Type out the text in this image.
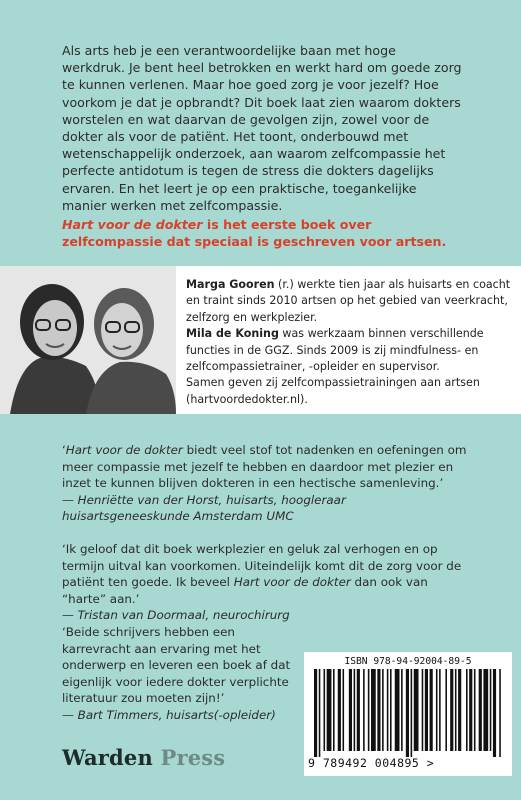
Als arts heb je een verantwoordelijke baan met hoge werkdruk. Je bent heel betrokken en werkt hard om goede zorg te kunnen verlenen. Maar hoe goed zorg je voor jezelf? Hoe voorkom je dat je opbrandt? Dit boek laat zien waarom dokters worstelen en wat daarvan de gevolgen zijn, zowel voor de dokter als voor de patiënt. Het toont, onderbouwd met wetenschappelijk onderzoek, aan waarom zelfcompassie het perfecte antidotum is tegen de stress die dokters dagelijks ervaren. En het leert je op een praktische, toegankelijke manier werken met zelfcompassie.

Hart voor de dokter is het eerste boek over zelfcompassie dat speciaal is geschreven voor artsen.

Marga Gooren (r.) werkte tien jaar als huisarts en coacht en traint sinds 2010 artsen op het gebied van veerkracht, zelfzorg en werkplezier.

Mila de Koning was werkzaam binnen verschillende functies in de GGZ. Sinds 2009 is zij mindfulness- en zelfcompassietrainer, -opleider en supervisor.

Samen geven zij zelfcompassietrainingen aan artsen (hartvoordedokter.nl).

‘Hart voor de dokter biedt veel stof tot nadenken en oefeningen om meer compassie met jezelf te hebben en daardoor met plezier en inzet te kunnen blijven dokteren in een hectische samenleving.’

— Henriëtte van der Horst, huisarts, hoogleraar huisartsgeneeskunde Amsterdam UMC

‘Ik geloof dat dit boek werkplezier en geluk zal verhogen en op termijn uitval kan voorkomen. Uiteindelijk komt dit de zorg voor de patiënt ten goede. Ik beveel Hart voor de dokter dan ook van “harte” aan.’

— Tristan van Doormaal, neurochirurg

‘Beide schrijvers hebben een karrevracht aan ervaring met het onderwerp en leveren een boek af dat eigenlijk voor iedere dokter verplichte literatuur zou moeten zijn!’

— Bart Timmers, huisarts(-opleider)

Warden Press
ISBN 978-94-92004-89-5
9 789492 004895 >
